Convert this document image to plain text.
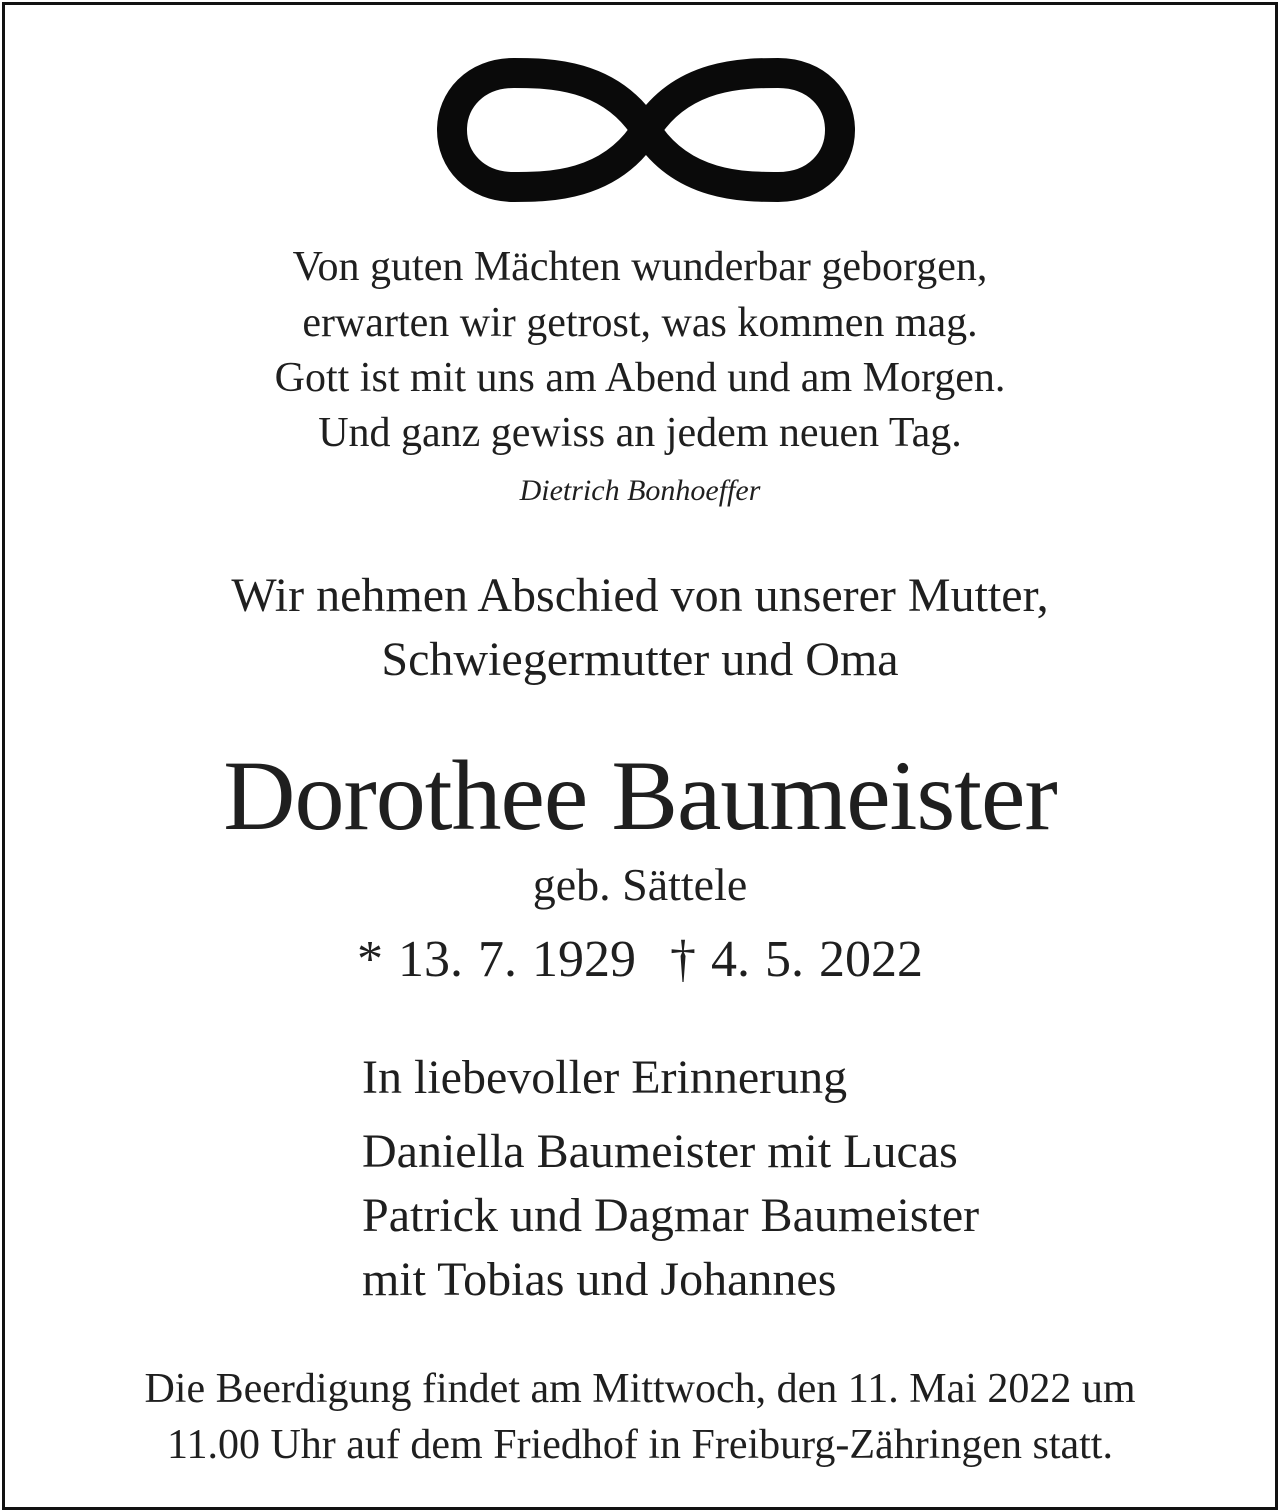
Von guten Mächten wunderbar geborgen,
erwarten wir getrost, was kommen mag.
Gott ist mit uns am Abend und am Morgen.
Und ganz gewiss an jedem neuen Tag.
Dietrich Bonhoeffer
Wir nehmen Abschied von unserer Mutter,
Schwiegermutter und Oma
Dorothee Baumeister
geb. Sättele
* 13. 7. 1929 † 4. 5. 2022
In liebevoller Erinnerung
Daniella Baumeister mit Lucas
Patrick und Dagmar Baumeister
mit Tobias und Johannes
Die Beerdigung findet am Mittwoch, den 11. Mai 2022 um
11.00 Uhr auf dem Friedhof in Freiburg-Zähringen statt.
